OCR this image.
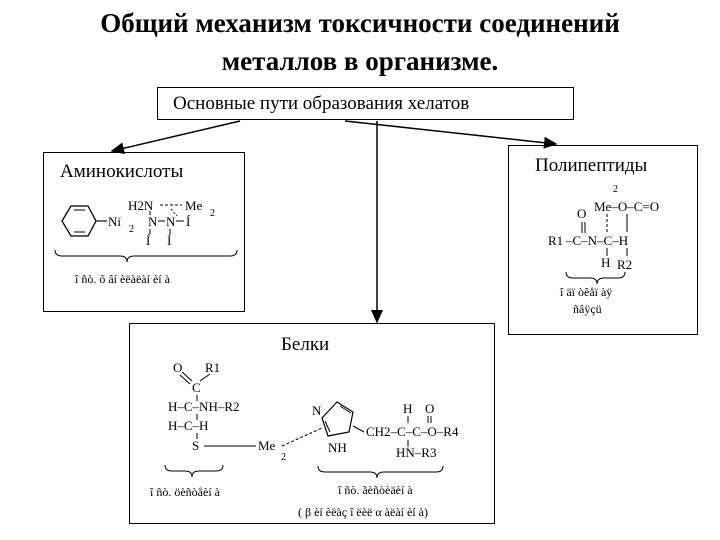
Общий механизм токсичности соединений
металлов в организме.
Основные пути образования хелатов
Аминокислоты	Полипептиды
Белки
H2N Me
2
Ní
2
N N Í
Í Í
î ñò. ô âí èëàëàí èí à
2
Me–O–C=O
O
R1 –C–N–C–H
H R2
î äï òêåï àÿ
ñâÿçü
O R1
C
H–C–NH–R2
H–C–H
S	Me
2
N
NH
H O
CH2–C–C–O–R4
HN–R3
î ñò. öèñòåèí à	î ñò. ãèñòèäèí à
( β èí èëàç î ëèë α àëàí èí à)
